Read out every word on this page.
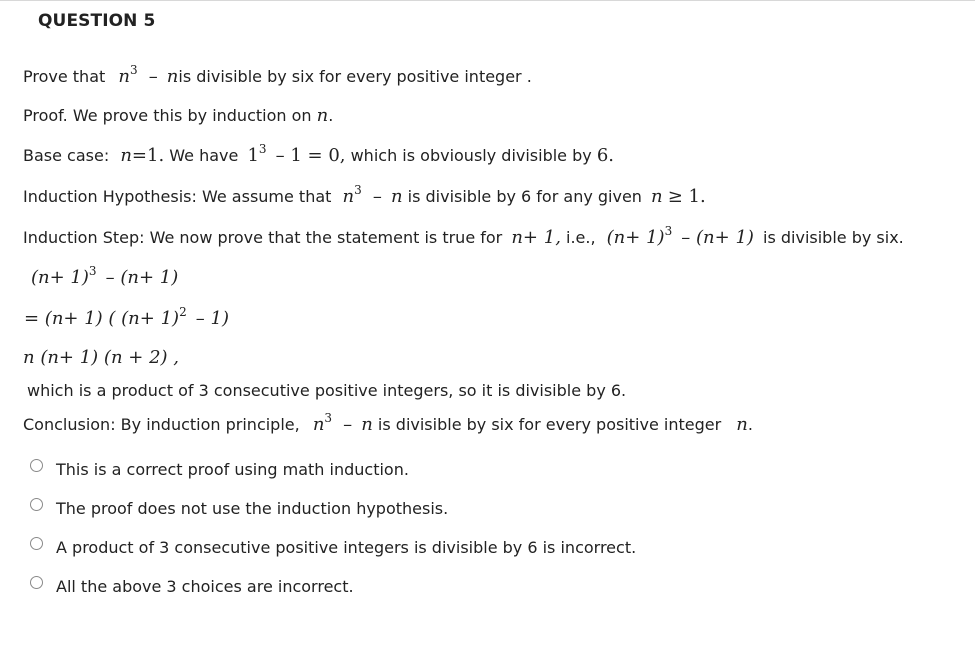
QUESTION 5
Prove that $n^3$ – nis divisible by six for every positive integer .
Proof. We prove this by induction on n.
Base case: n=1. We have $1^3 - 1 = 0$, which is obviously divisible by 6.
Induction Hypothesis: We assume that $n^3$ – n is divisible by 6 for any given n ≥ 1.
Induction Step: We now prove that the statement is true for n+ 1, i.e., $(n+ 1)^3 - (n+ 1)$ is divisible by six.
$(n+ 1)^3 - (n+ 1)$
= (n+ 1) ( $(n+ 1)^2 - 1$)
n (n+ 1) (n + 2) ,
which is a product of 3 consecutive positive integers, so it is divisible by 6.
Conclusion: By induction principle, $n^3$ – n is divisible by six for every positive integer n.
This is a correct proof using math induction.
The proof does not use the induction hypothesis.
A product of 3 consecutive positive integers is divisible by 6 is incorrect.
All the above 3 choices are incorrect.
